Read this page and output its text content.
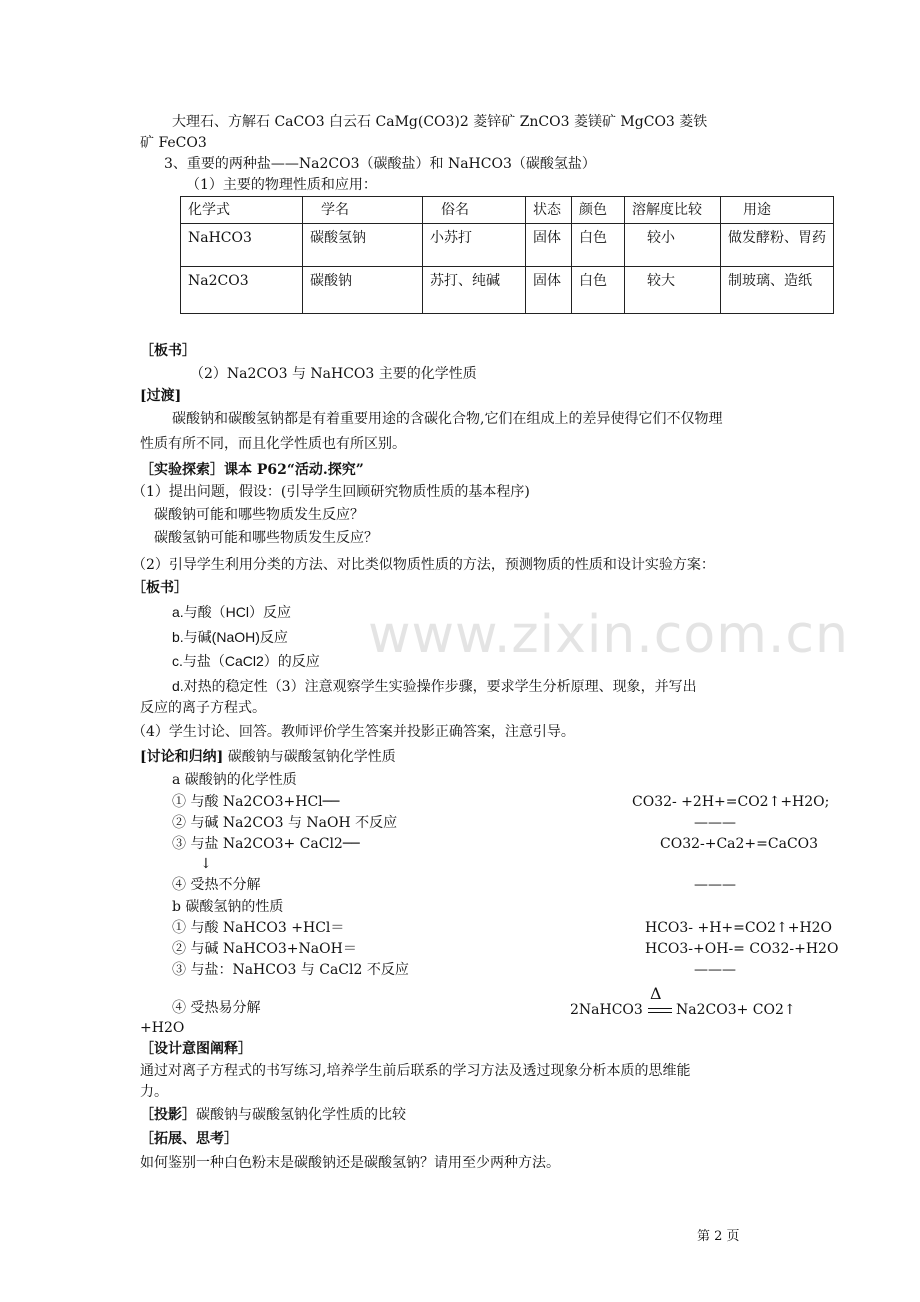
www.zixin.com.cn
大理石、方解石 CaCO3 白云石 CaMg(CO3)2 菱锌矿 ZnCO3 菱镁矿 MgCO3 菱铁
矿 FeCO3
3、重要的两种盐——Na2CO3（碳酸盐）和 NaHCO3（碳酸氢盐）
（1）主要的物理性质和应用：
化学式	学名	俗名	状态	颜色	溶解度比较	用途
NaHCO3	碳酸氢钠	小苏打	固体	白色	较小	做发酵粉、胃药
Na2CO3	碳酸钠	苏打、纯碱	固体	白色	较大	制玻璃、造纸
［板书］
（2）Na2CO3 与 NaHCO3 主要的化学性质
[过渡]
碳酸钠和碳酸氢钠都是有着重要用途的含碳化合物,它们在组成上的差异使得它们不仅物理
性质有所不同，而且化学性质也有所区别。
［实验探索］课本 P62“活动.探究”
（1）提出问题，假设：(引导学生回顾研究物质性质的基本程序)
碳酸钠可能和哪些物质发生反应？
碳酸氢钠可能和哪些物质发生反应？
（2）引导学生利用分类的方法、对比类似物质性质的方法，预测物质的性质和设计实验方案：
［板书］
a.与酸（HCl）反应
b.与碱(NaOH)反应
c.与盐（CaCl2）的反应
d.对热的稳定性（3）注意观察学生实验操作步骤，要求学生分析原理、现象，并写出
反应的离子方程式。
（4）学生讨论、回答。教师评价学生答案并投影正确答案，注意引导。
[讨论和归纳] 碳酸钠与碳酸氢钠化学性质
a 碳酸钠的化学性质
① 与酸 Na2CO3+HCl──	CO32- +2H+=CO2↑+H2O;
② 与碱 Na2CO3 与 NaOH 不反应	———
③ 与盐 Na2CO3+ CaCl2──	CO32-+Ca2+=CaCO3
↓
④ 受热不分解	———
b 碳酸氢钠的性质
① 与酸 NaHCO3 +HCl＝	HCO3- +H+=CO2↑+H2O
② 与碱 NaHCO3+NaOH＝	HCO3-+OH-= CO32-+H2O
③ 与盐：NaHCO3 与 CaCl2 不反应	———
④ 受热易分解	2NaHCO3
Δ
Na2CO3+ CO2↑
+H2O
［设计意图阐释］
通过对离子方程式的书写练习,培养学生前后联系的学习方法及透过现象分析本质的思维能
力。
［投影］碳酸钠与碳酸氢钠化学性质的比较
［拓展、思考］
如何鉴别一种白色粉末是碳酸钠还是碳酸氢钠？请用至少两种方法。
第 2 页
